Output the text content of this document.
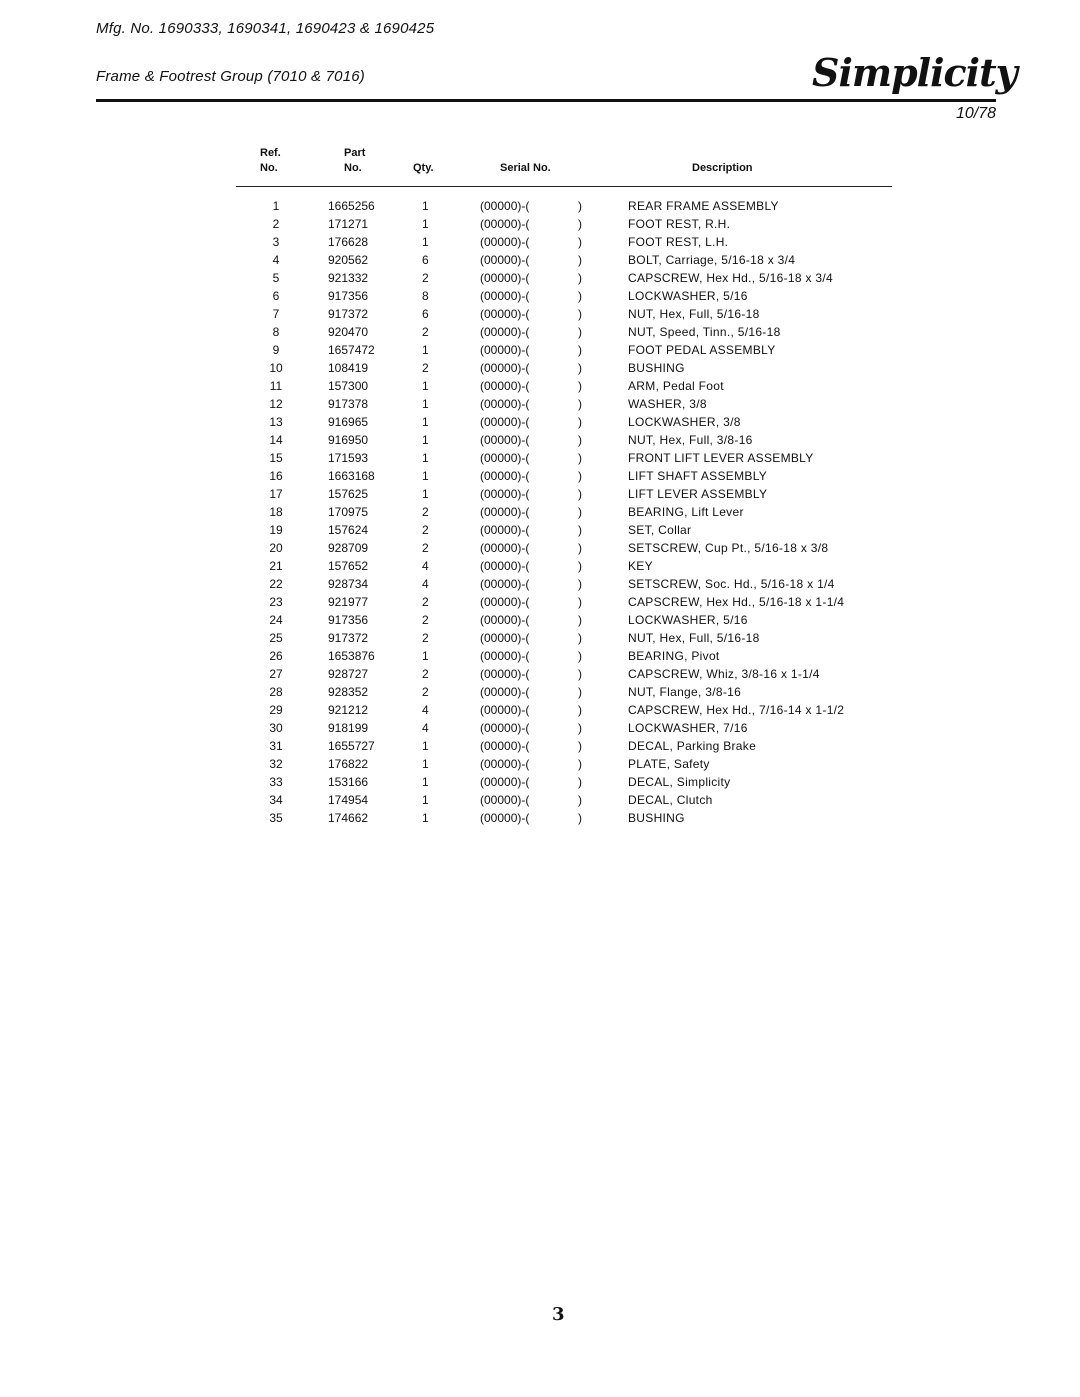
Mfg. No. 1690333, 1690341, 1690423 & 1690425
Frame & Footrest Group (7010 & 7016)	Simplicity
10/78
Ref.
No.
Part
No.	Qty.	Serial No.	Description
1	1665256	1	(00000)-(	)	REAR FRAME ASSEMBLY
2	171271	1	(00000)-(	)	FOOT REST, R.H.
3	176628	1	(00000)-(	)	FOOT REST, L.H.
4	920562	6	(00000)-(	)	BOLT, Carriage, 5/16-18 x 3/4
5	921332	2	(00000)-(	)	CAPSCREW, Hex Hd., 5/16-18 x 3/4
6	917356	8	(00000)-(	)	LOCKWASHER, 5/16
7	917372	6	(00000)-(	)	NUT, Hex, Full, 5/16-18
8	920470	2	(00000)-(	)	NUT, Speed, Tinn., 5/16-18
9	1657472	1	(00000)-(	)	FOOT PEDAL ASSEMBLY
10	108419	2	(00000)-(	)	BUSHING
11	157300	1	(00000)-(	)	ARM, Pedal Foot
12	917378	1	(00000)-(	)	WASHER, 3/8
13	916965	1	(00000)-(	)	LOCKWASHER, 3/8
14	916950	1	(00000)-(	)	NUT, Hex, Full, 3/8-16
15	171593	1	(00000)-(	)	FRONT LIFT LEVER ASSEMBLY
16	1663168	1	(00000)-(	)	LIFT SHAFT ASSEMBLY
17	157625	1	(00000)-(	)	LIFT LEVER ASSEMBLY
18	170975	2	(00000)-(	)	BEARING, Lift Lever
19	157624	2	(00000)-(	)	SET, Collar
20	928709	2	(00000)-(	)	SETSCREW, Cup Pt., 5/16-18 x 3/8
21	157652	4	(00000)-(	)	KEY
22	928734	4	(00000)-(	)	SETSCREW, Soc. Hd., 5/16-18 x 1/4
23	921977	2	(00000)-(	)	CAPSCREW, Hex Hd., 5/16-18 x 1-1/4
24	917356	2	(00000)-(	)	LOCKWASHER, 5/16
25	917372	2	(00000)-(	)	NUT, Hex, Full, 5/16-18
26	1653876	1	(00000)-(	)	BEARING, Pivot
27	928727	2	(00000)-(	)	CAPSCREW, Whiz, 3/8-16 x 1-1/4
28	928352	2	(00000)-(	)	NUT, Flange, 3/8-16
29	921212	4	(00000)-(	)	CAPSCREW, Hex Hd., 7/16-14 x 1-1/2
30	918199	4	(00000)-(	)	LOCKWASHER, 7/16
31	1655727	1	(00000)-(	)	DECAL, Parking Brake
32	176822	1	(00000)-(	)	PLATE, Safety
33	153166	1	(00000)-(	)	DECAL, Simplicity
34	174954	1	(00000)-(	)	DECAL, Clutch
35	174662	1	(00000)-(	)	BUSHING
3
